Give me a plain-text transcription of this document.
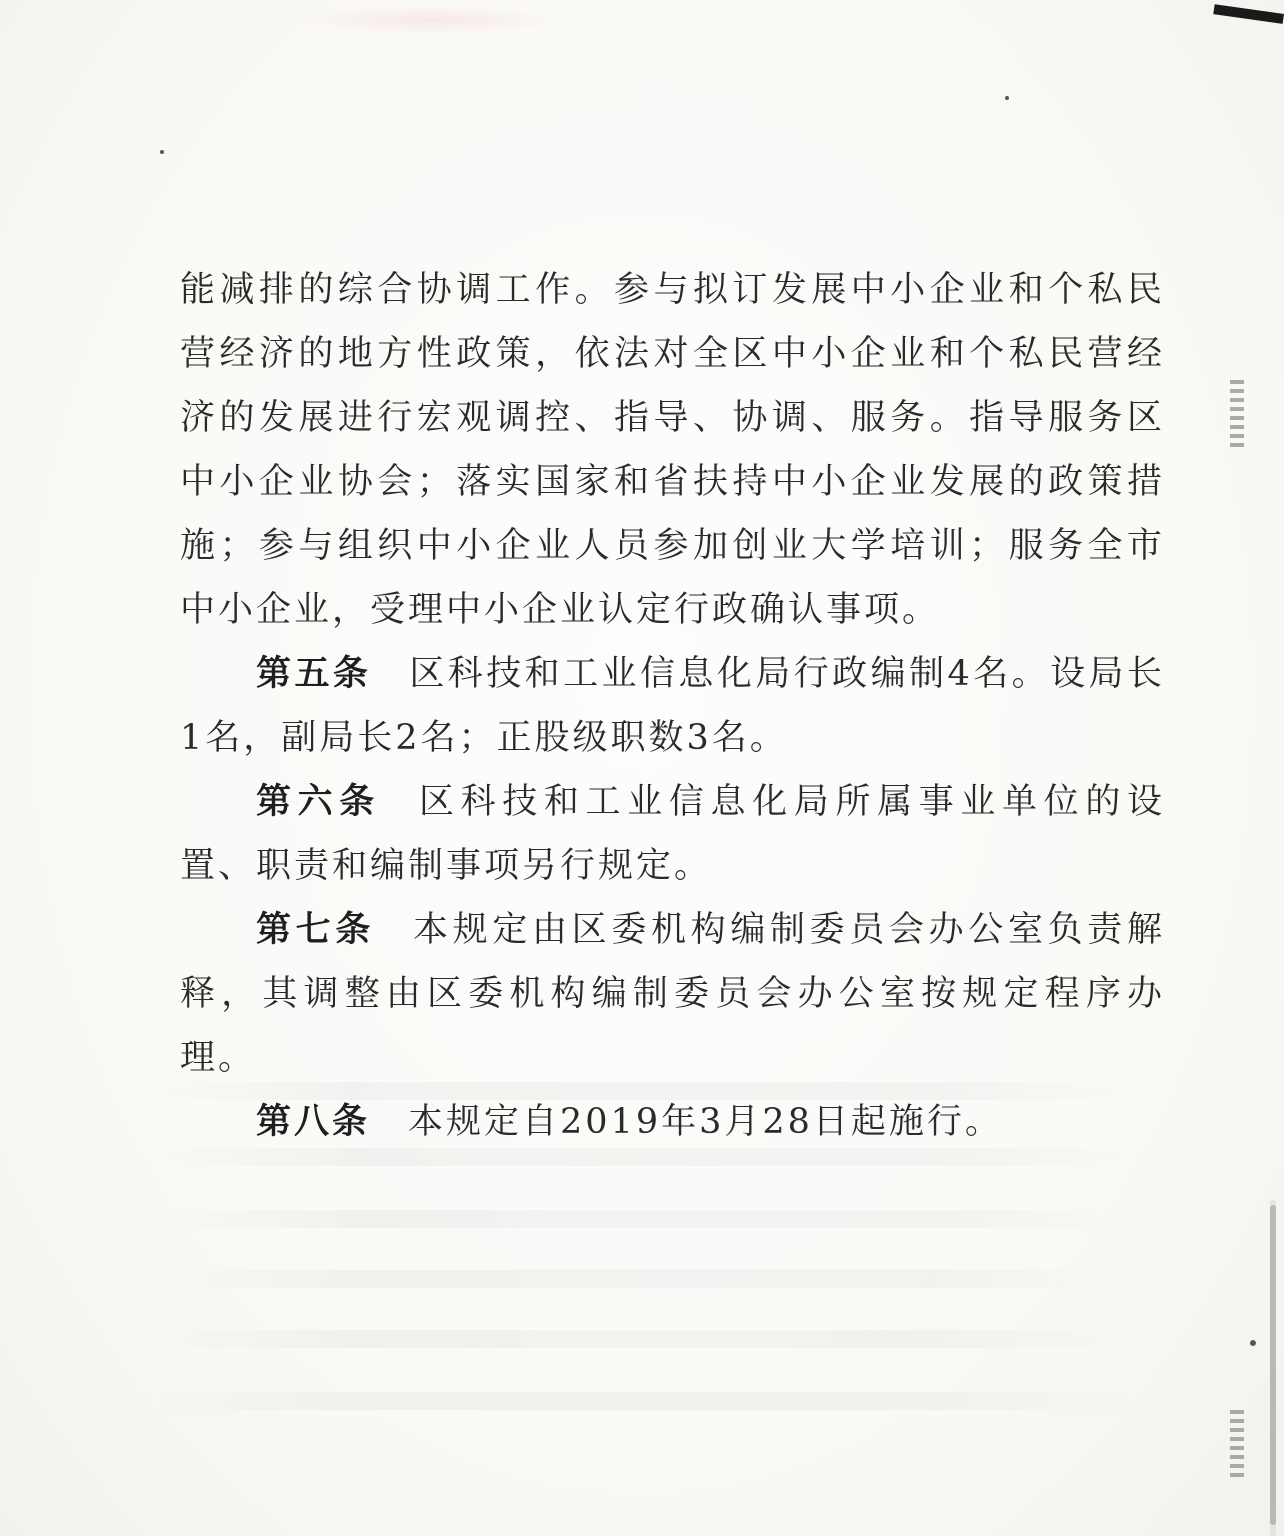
能减排的综合协调工作。参与拟订发展中小企业和个私民营经济的地方性政策，依法对全区中小企业和个私民营经济的发展进行宏观调控、指导、协调、服务。指导服务区中小企业协会；落实国家和省扶持中小企业发展的政策措施；参与组织中小企业人员参加创业大学培训；服务全市中小企业，受理中小企业认定行政确认事项。

第五条 区科技和工业信息化局行政编制4名。设局长1名，副局长2名；正股级职数3名。

第六条 区科技和工业信息化局所属事业单位的设置、职责和编制事项另行规定。

第七条 本规定由区委机构编制委员会办公室负责解释，其调整由区委机构编制委员会办公室按规定程序办理。

第八条 本规定自2019年3月28日起施行。
